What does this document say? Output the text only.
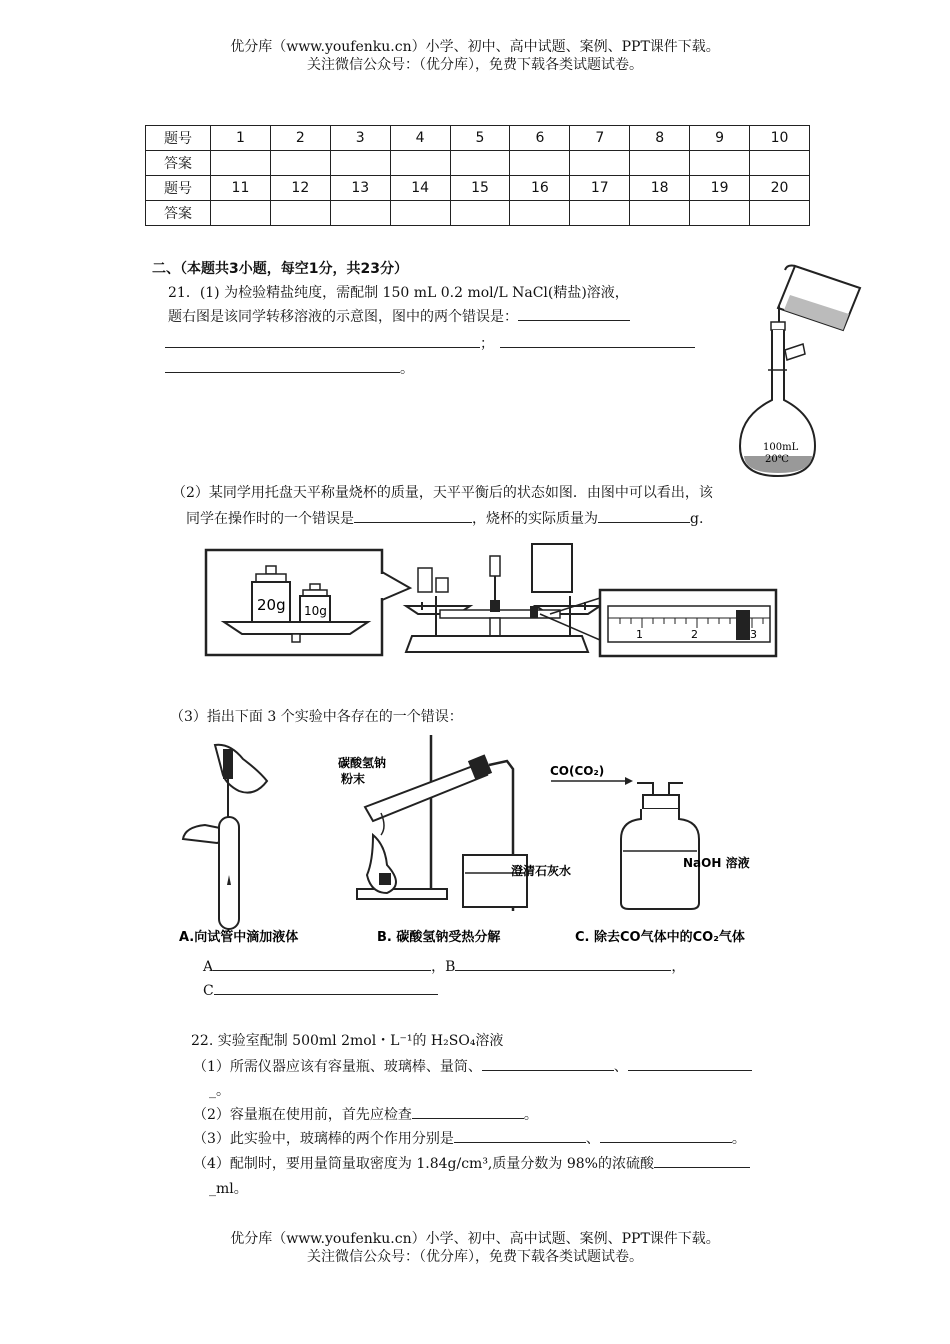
优分库（www.youfenku.cn）小学、初中、高中试题、案例、PPT课件下载。
关注微信公众号：（优分库），免费下载各类试题试卷。
题号	1	2	3	4	5	6	7	8	9	10
答案										
题号	11	12	13	14	15	16	17	18	19	20
答案										
二、（本题共3小题，每空1分，共23分）
21．(1) 为检验精盐纯度，需配制 150 mL 0.2 mol/L NaCl(精盐)溶液，
题右图是该同学转移溶液的示意图，图中的两个错误是：
；
。
100mL
20℃
（2）某同学用托盘天平称量烧杯的质量，天平平衡后的状态如图．由图中可以看出，该
同学在操作时的一个错误是	，烧杯的实际质量为	g.
20g 10g
1	2	3
（3）指出下面 3 个实验中各存在的一个错误：
A.向试管中滴加液体
碳酸氢钠
粉末
澄清石灰水
B. 碳酸氢钠受热分解
CO(CO₂)
NaOH 溶液
C. 除去CO气体中的CO₂气体
A	，B	，
C
22. 实验室配制 500ml 2mol・L⁻¹的 H₂SO₄溶液
（1）所需仪器应该有容量瓶、玻璃棒、量筒、	、
_。
（2）容量瓶在使用前，首先应检查	。
（3）此实验中，玻璃棒的两个作用分别是	、	。
（4）配制时，要用量筒量取密度为 1.84g/cm³,质量分数为 98%的浓硫酸
_ml。
优分库（www.youfenku.cn）小学、初中、高中试题、案例、PPT课件下载。
关注微信公众号：（优分库），免费下载各类试题试卷。
